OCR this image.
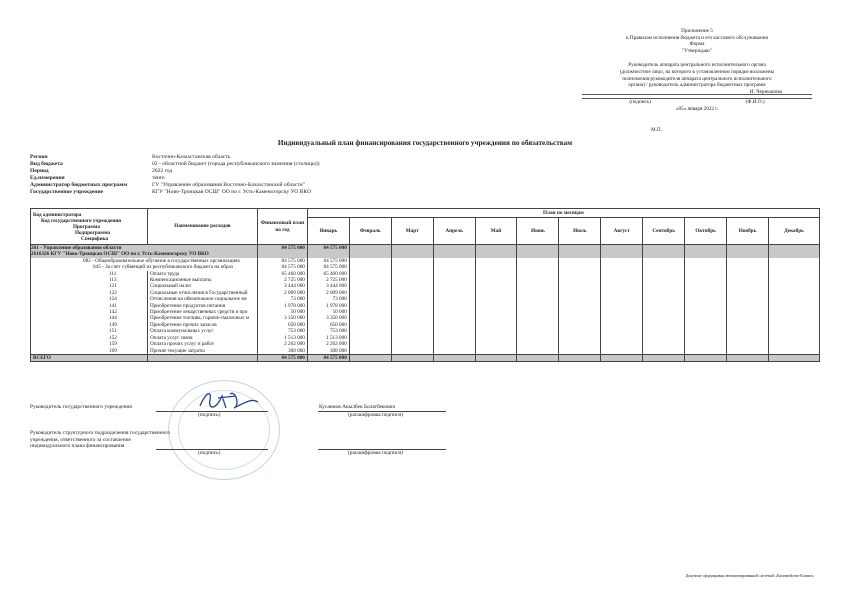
Приложение 5
к Правилам исполнения бюджета и его кассового обслуживания
Форма
"Утверждаю"
Руководитель аппарата центрального исполнительного органа
(должностное лицо, на которого в установленном порядке возложены
полномочия руководителя аппарата центрального исполнительного
органа) / руководитель администратора бюджетных программ
И. Чернышова
(подпись)	(Ф.И.О.)
«05» января 2022 г.
М.П.
Индивидуальный план финансирования государственного учреждения по обязательствам
Регион	Восточно-Казахстанская область
Вид бюджета	02 - областной бюджет (города республиканского значения (столицы))
Период	2022 год
Ед.измерения	тенге
Администратор бюджетных программ	ГУ "Управление образования Восточно-Казахстанской области"
Государственное учреждение	КГУ "Ново-Троицкая ОСШ" ОО по г. Усть-Каменогорску УО ВКО
Код администратора
Код государственного учреждения
Программа
Подпрограмма
Специфика	Наименование расходов	Финансовый план на год	План по месяцам											
			Январь	Февраль	Март	Апрель	Май	Июнь	Июль	Август	Сентябрь	Октябрь	Ноябрь	Декабрь
261 - Управление образования области		84 575 000	84 575 000											
2616326 КГУ "Ново-Троицкая ОСШ" ОО по г. Усть-Каменогорску УО ВКО														
082 - Общеобразовательное обучение в государственных организациях		84 575 000	84 575 000											
045 - За счет субвенций из республиканского бюджета на образ		84 575 000	84 575 000											
111	Оплата труда	65 460 000	65 460 000											
113	Компенсационные выплаты	2 725 000	2 725 000											
121	Социальный налог	3 444 000	3 444 000											
122	Социальные отчисления в Государственный	2 009 000	2 009 000											
124	Отчисления на обязательное социальное ме	73 000	73 000											
141	Приобретение продуктов питания	1 978 000	1 978 000											
142	Приобретение лекарственных средств и про	50 000	50 000											
144	Приобретение топлива, горюче-смазочных м	3 350 000	3 350 000											
149	Приобретение прочих запасов	650 000	650 000											
151	Оплата коммунальных услуг	753 000	753 000											
152	Оплата услуг связи	1 513 000	1 513 000											
159	Оплата прочих услуг и работ	2 262 000	2 262 000											
169	Прочие текущие затраты	308 000	308 000											
ВСЕГО		84 575 000	84 575 000											
Руководитель государственного учреждения
(подпись)
Кусаинов Акылбек Болатбекович
(расшифровка подписи)
Руководитель структурного подразделения государственного
учреждения, ответственного за составление
индивидуального плана финансирования
(подпись)	(расшифровка подписи)
Документ сформирован автоматизированной системой «Казначейство-Клиент»
